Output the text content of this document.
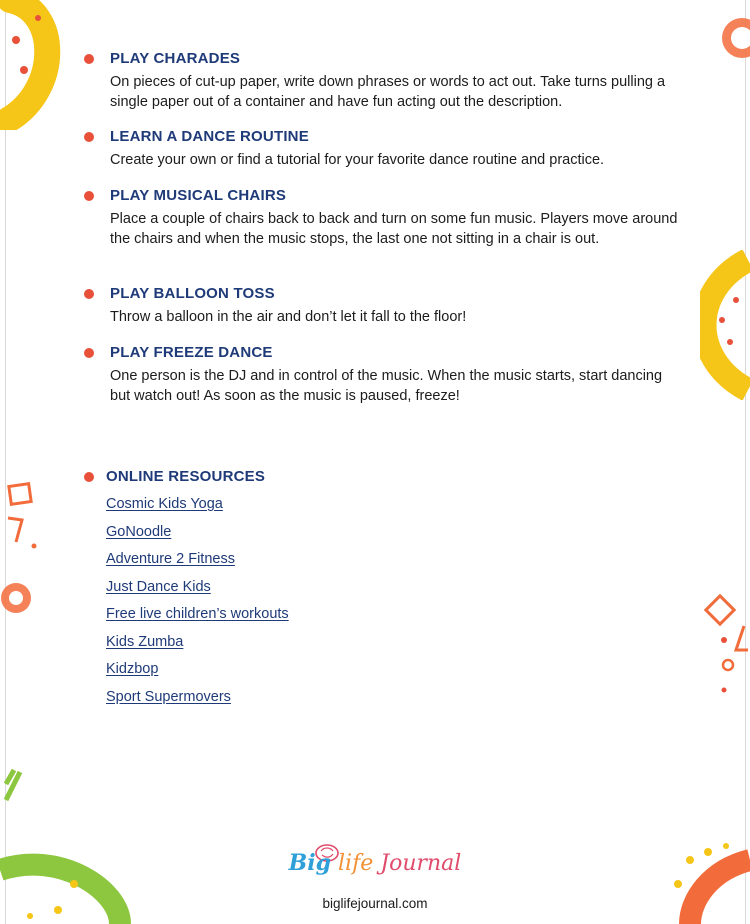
PLAY CHARADES

On pieces of cut-up paper, write down phrases or words to act out. Take turns pulling a single paper out of a container and have fun acting out the description.

LEARN A DANCE ROUTINE

Create your own or find a tutorial for your favorite dance routine and practice.

PLAY MUSICAL CHAIRS

Place a couple of chairs back to back and turn on some fun music. Players move around the chairs and when the music stops, the last one not sitting in a chair is out.

PLAY BALLOON TOSS

Throw a balloon in the air and don’t let it fall to the floor!

PLAY FREEZE DANCE

One person is the DJ and in control of the music. When the music starts, start dancing but watch out! As soon as the music is paused, freeze!

ONLINE RESOURCES
Cosmic Kids Yoga
GoNoodle
Adventure 2 Fitness
Just Dance Kids
Free live children’s workouts
Kids Zumba
Kidzbop
Sport Supermovers
Big life Journal
biglifejournal.com
